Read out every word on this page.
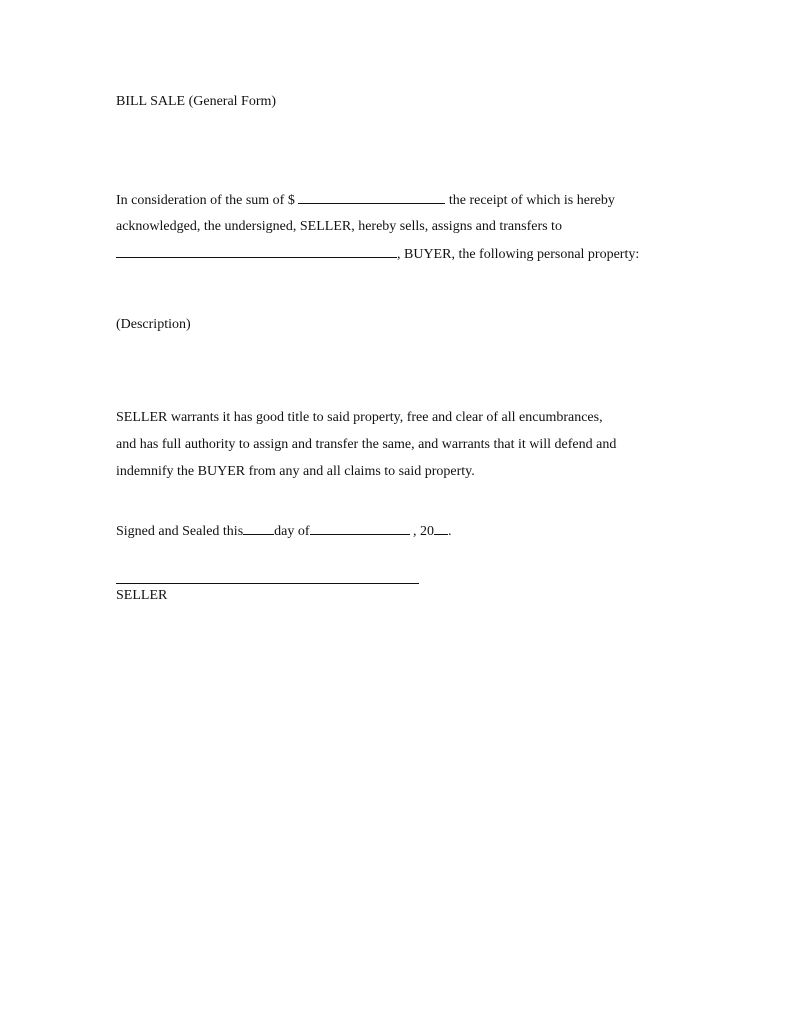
BILL SALE (General Form)
In consideration of the sum of $	the receipt of which is hereby
acknowledged, the undersigned, SELLER, hereby sells, assigns and transfers to
, BUYER, the following personal property:
(Description)
SELLER warrants it has good title to said property, free and clear of all encumbrances,
and has full authority to assign and transfer the same, and warrants that it will defend and
indemnify the BUYER from any and all claims to said property.
Signed and Sealed this day of	, 20 .
SELLER
